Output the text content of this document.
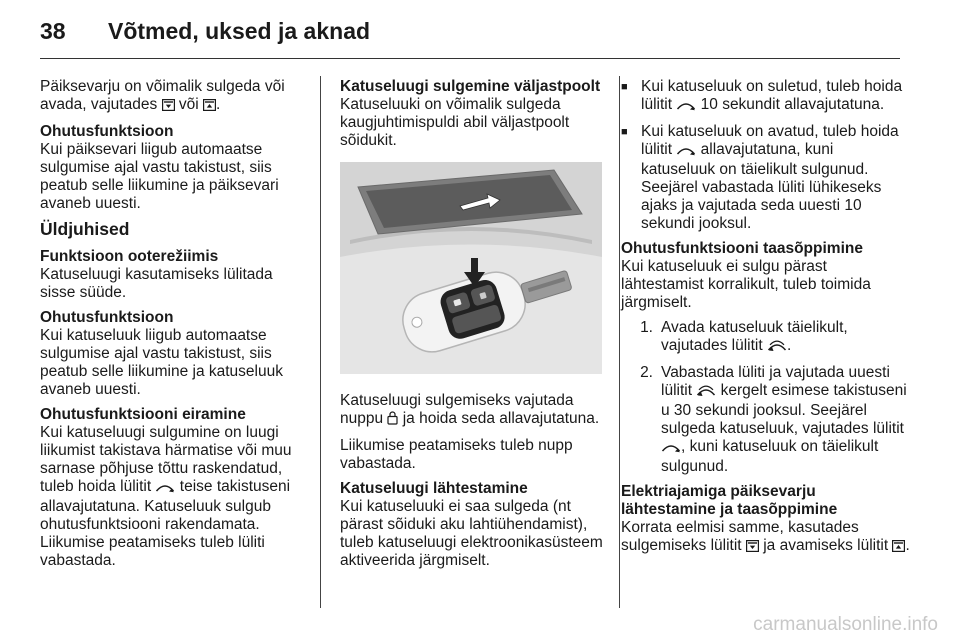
38 Võtmed, uksed ja aknad

Päiksevarju on võimalik sulgeda või avada, vajutades või .

Ohutusfunktsioon

Kui päiksevari liigub automaatse sulgumise ajal vastu takistust, siis peatub selle liikumine ja päiksevari avaneb uuesti.

Üldjuhised
Funktsioon ooterežiimis

Katuseluugi kasutamiseks lülitada sisse süüde.

Ohutusfunktsioon

Kui katuseluuk liigub automaatse sulgumise ajal vastu takistust, siis peatub selle liikumine ja katuseluuk avaneb uuesti.

Ohutusfunktsiooni eiramine

Kui katuseluugi sulgumine on luugi liikumist takistava härmatise või muu sarnase põhjuse tõttu raskendatud, tuleb hoida lülitit teise takistuseni allavajutatuna. Katuseluuk sulgub ohutusfunktsiooni rakendamata. Liikumise peatamiseks tuleb lüliti vabastada.

Katuseluugi sulgemine väljastpoolt

Katuseluuki on võimalik sulgeda kaugjuhtimispuldi abil väljastpoolt sõidukit.

Katuseluugi sulgemiseks vajutada nuppu ja hoida seda allavajutatuna.

Liikumise peatamiseks tuleb nupp vabastada.

Katuseluugi lähtestamine

Kui katuseluuki ei saa sulgeda (nt pärast sõiduki aku lahtiühendamist), tuleb katuseluugi elektroonikasüsteem aktiveerida järgmiselt.

■ Kui katuseluuk on suletud, tuleb hoida lülitit 10 sekundit allavajutatuna.
■ Kui katuseluuk on avatud, tuleb hoida lülitit allavajutatuna, kuni katuseluuk on täielikult sulgunud. Seejärel vabastada lüliti lühikeseks ajaks ja vajutada seda uuesti 10 sekundi jooksul.
Ohutusfunktsiooni taasõppimine

Kui katuseluuk ei sulgu pärast lähtestamist korralikult, tuleb toimida järgmiselt.

1. Avada katuseluuk täielikult, vajutades lülitit .
2. Vabastada lüliti ja vajutada uuesti lülitit kergelt esimese takistuseni u 30 sekundi jooksul. Seejärel sulgeda katuseluuk, vajutades lülitit , kuni katuseluuk on täielikult sulgunud.
Elektriajamiga päiksevarju lähtestamine ja taasõppimine

Korrata eelmisi samme, kasutades sulgemiseks lülitit ja avamiseks lülitit .

carmanualsonline.info
